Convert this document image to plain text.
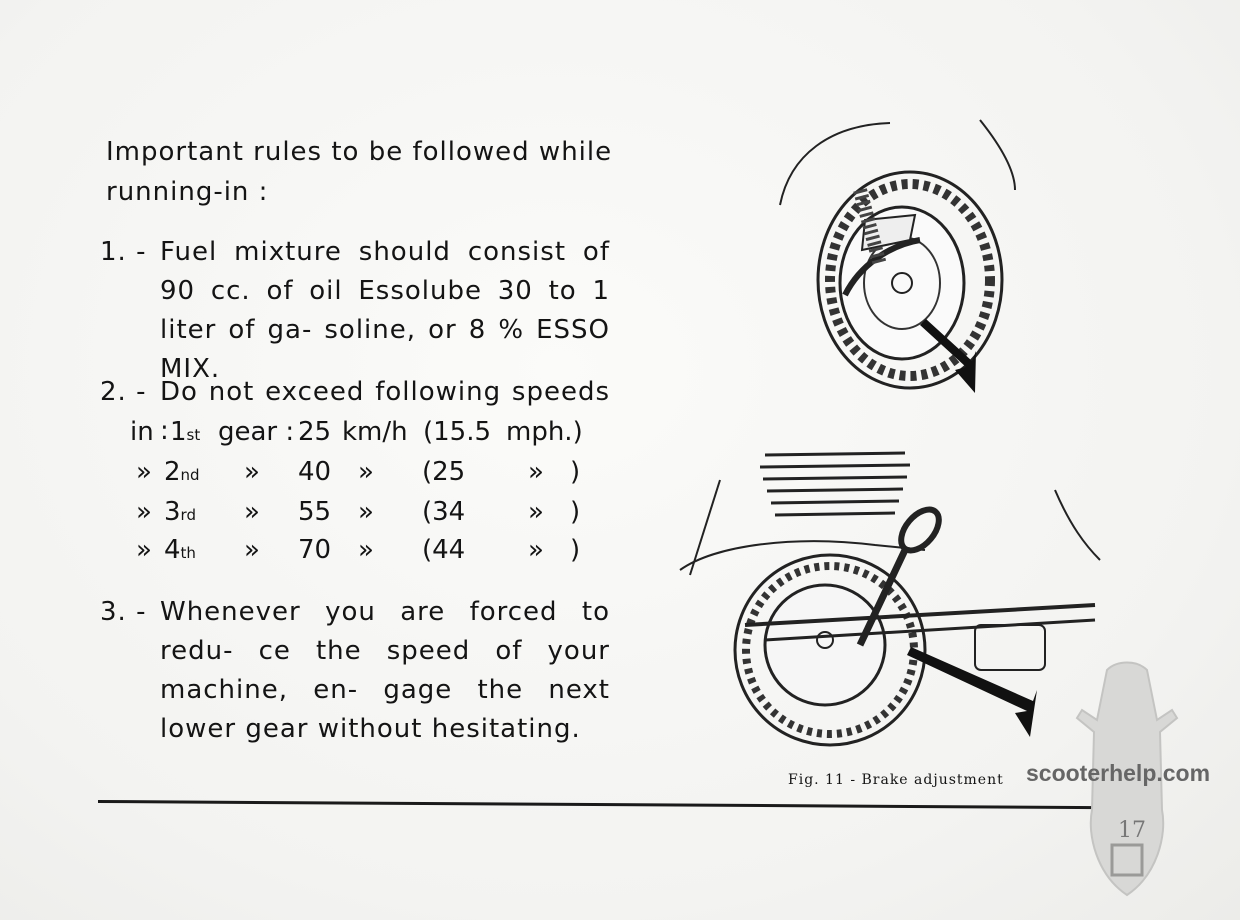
Important rules to be followed while running-in :
1. - Fuel mixture should consist of 90 cc. of oil Essolube 30 to 1 liter of ga- soline, or 8 % ESSO MIX.
2. - Do not exceed following speeds :
in 1st gear : 25 km/h (15.5 mph.)
» 2nd » 40 » (25 » )
» 3rd » 55 » (34 » )
» 4th » 70 » (44 » )
3. - Whenever you are forced to redu- ce the speed of your machine, en- gage the next lower gear without hesitating.
Fig. 11 - Brake adjustment scooterhelp.com
17
